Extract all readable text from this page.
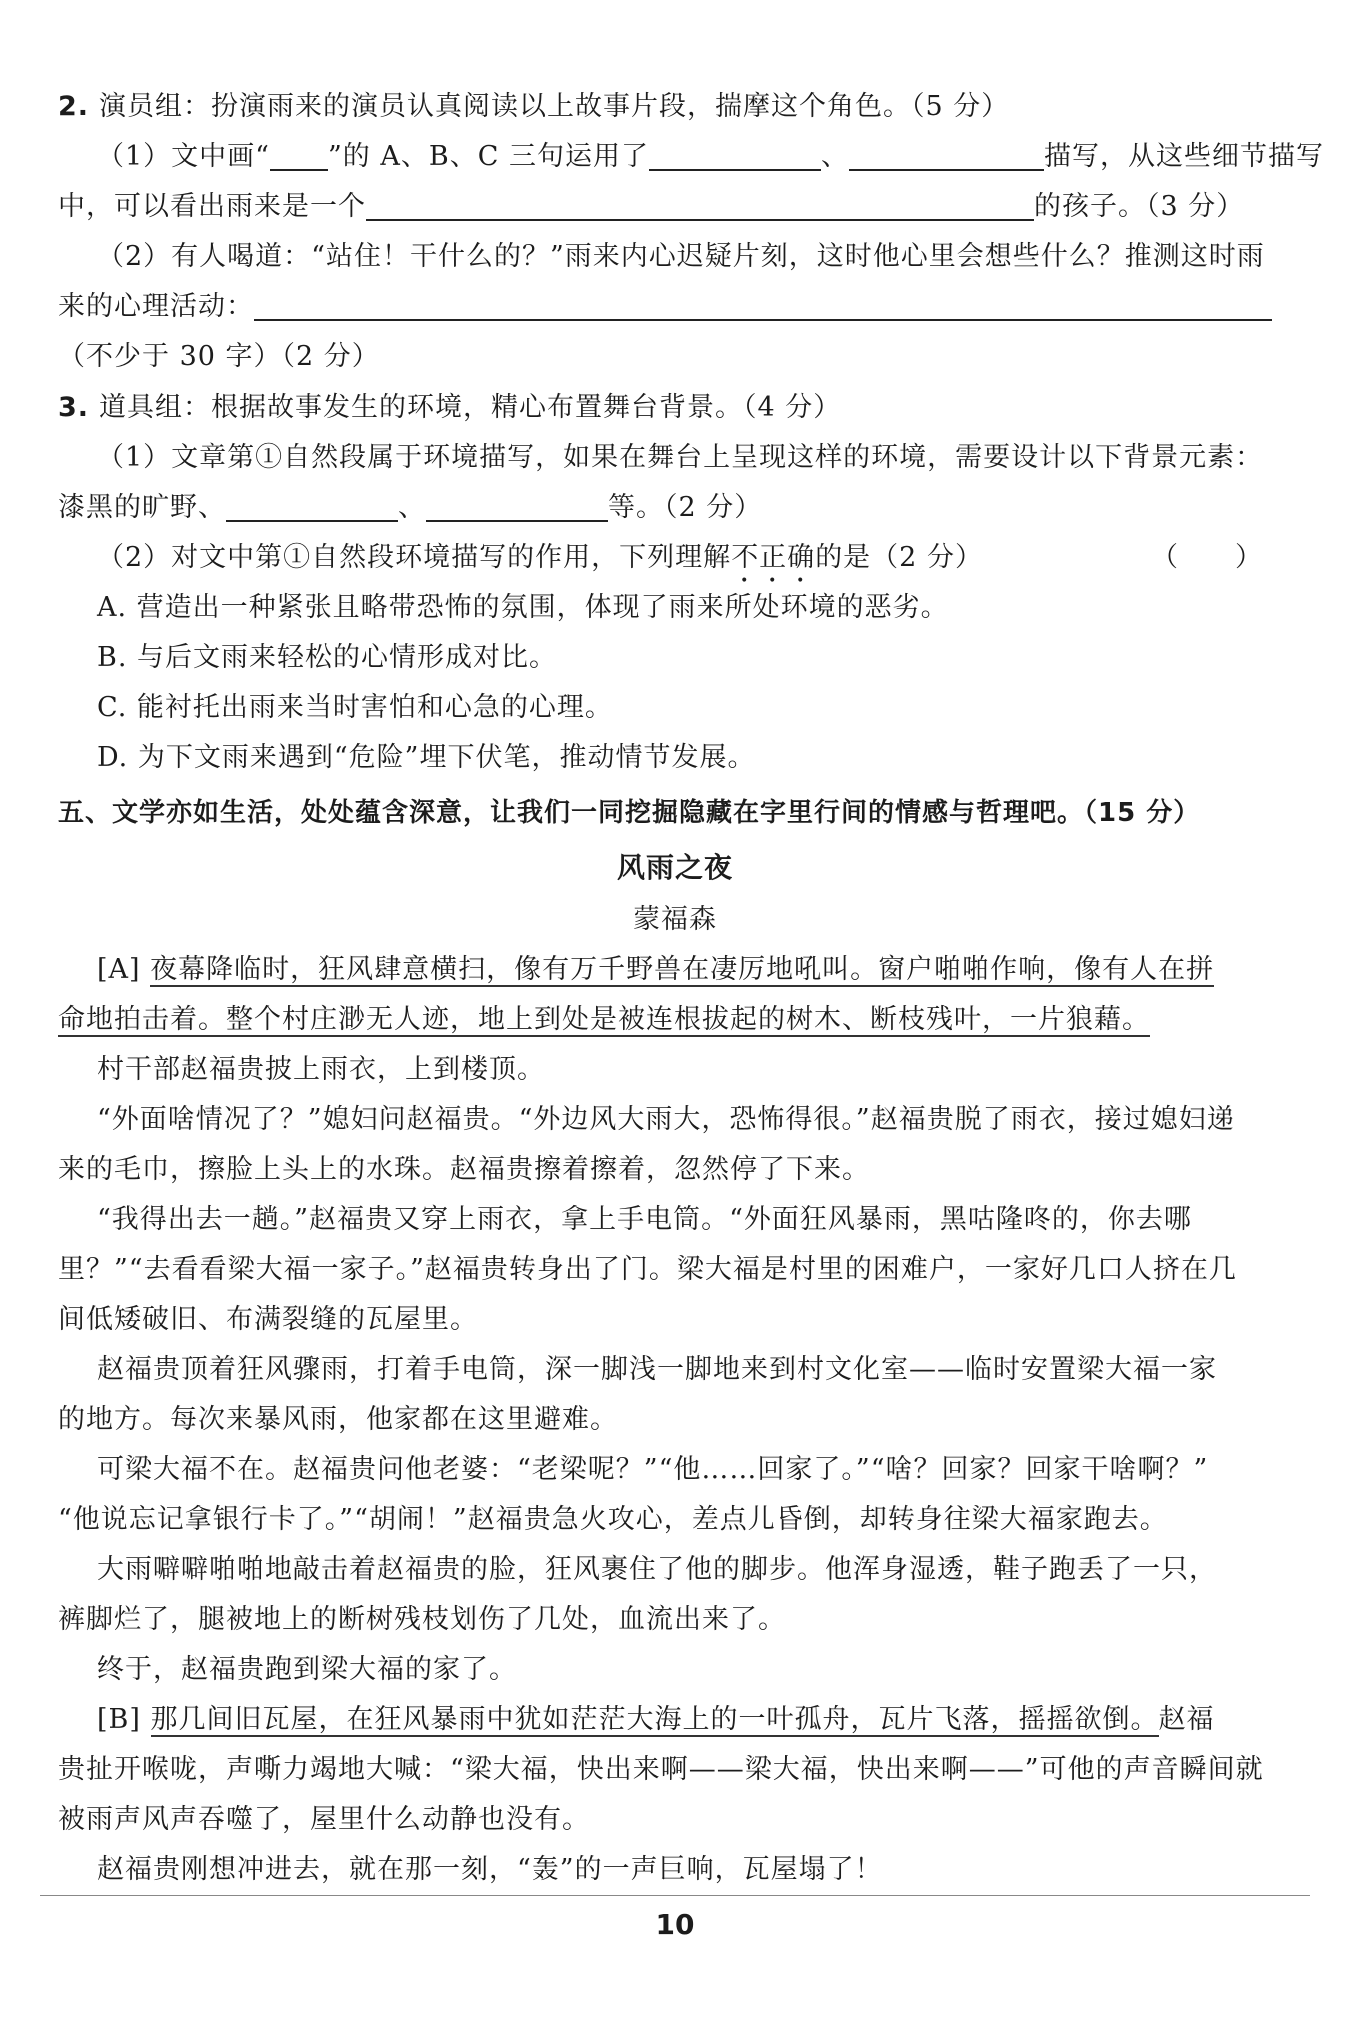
2. 演员组：扮演雨来的演员认真阅读以上故事片段，揣摩这个角色。（5 分）
（1）文中画“ ”的 A、B、C 三句运用了	、	描写，从这些细节描写
中，可以看出雨来是一个	的孩子。（3 分）
（2）有人喝道：“站住！干什么的？”雨来内心迟疑片刻，这时他心里会想些什么？推测这时雨
来的心理活动：
（不少于 30 字）（2 分）
3. 道具组：根据故事发生的环境，精心布置舞台背景。（4 分）
（1）文章第①自然段属于环境描写，如果在舞台上呈现这样的环境，需要设计以下背景元素：
漆黑的旷野、	、	等。（2 分）
（2）对文中第①自然段环境描写的作用，下列理解不正确的是（2 分）	（　　）
A. 营造出一种紧张且略带恐怖的氛围，体现了雨来所处环境的恶劣。
B. 与后文雨来轻松的心情形成对比。
C. 能衬托出雨来当时害怕和心急的心理。
D. 为下文雨来遇到“危险”埋下伏笔，推动情节发展。
五、文学亦如生活，处处蕴含深意，让我们一同挖掘隐藏在字里行间的情感与哲理吧。（15 分）
风雨之夜
蒙福森
[A] 夜幕降临时，狂风肆意横扫，像有万千野兽在凄厉地吼叫。窗户啪啪作响，像有人在拼
命地拍击着。整个村庄渺无人迹，地上到处是被连根拔起的树木、断枝残叶，一片狼藉。
村干部赵福贵披上雨衣，上到楼顶。
“外面啥情况了？”媳妇问赵福贵。“外边风大雨大，恐怖得很。”赵福贵脱了雨衣，接过媳妇递
来的毛巾，擦脸上头上的水珠。赵福贵擦着擦着，忽然停了下来。
“我得出去一趟。”赵福贵又穿上雨衣，拿上手电筒。“外面狂风暴雨，黑咕隆咚的，你去哪
里？”“去看看梁大福一家子。”赵福贵转身出了门。梁大福是村里的困难户，一家好几口人挤在几
间低矮破旧、布满裂缝的瓦屋里。
赵福贵顶着狂风骤雨，打着手电筒，深一脚浅一脚地来到村文化室——临时安置梁大福一家
的地方。每次来暴风雨，他家都在这里避难。
可梁大福不在。赵福贵问他老婆：“老梁呢？”“他……回家了。”“啥？回家？回家干啥啊？”
“他说忘记拿银行卡了。”“胡闹！”赵福贵急火攻心，差点儿昏倒，却转身往梁大福家跑去。
大雨噼噼啪啪地敲击着赵福贵的脸，狂风裹住了他的脚步。他浑身湿透，鞋子跑丢了一只，
裤脚烂了，腿被地上的断树残枝划伤了几处，血流出来了。
终于，赵福贵跑到梁大福的家了。
[B] 那几间旧瓦屋，在狂风暴雨中犹如茫茫大海上的一叶孤舟，瓦片飞落，摇摇欲倒。赵福
贵扯开喉咙，声嘶力竭地大喊：“梁大福，快出来啊——梁大福，快出来啊——”可他的声音瞬间就
被雨声风声吞噬了，屋里什么动静也没有。
赵福贵刚想冲进去，就在那一刻，“轰”的一声巨响，瓦屋塌了！
10
